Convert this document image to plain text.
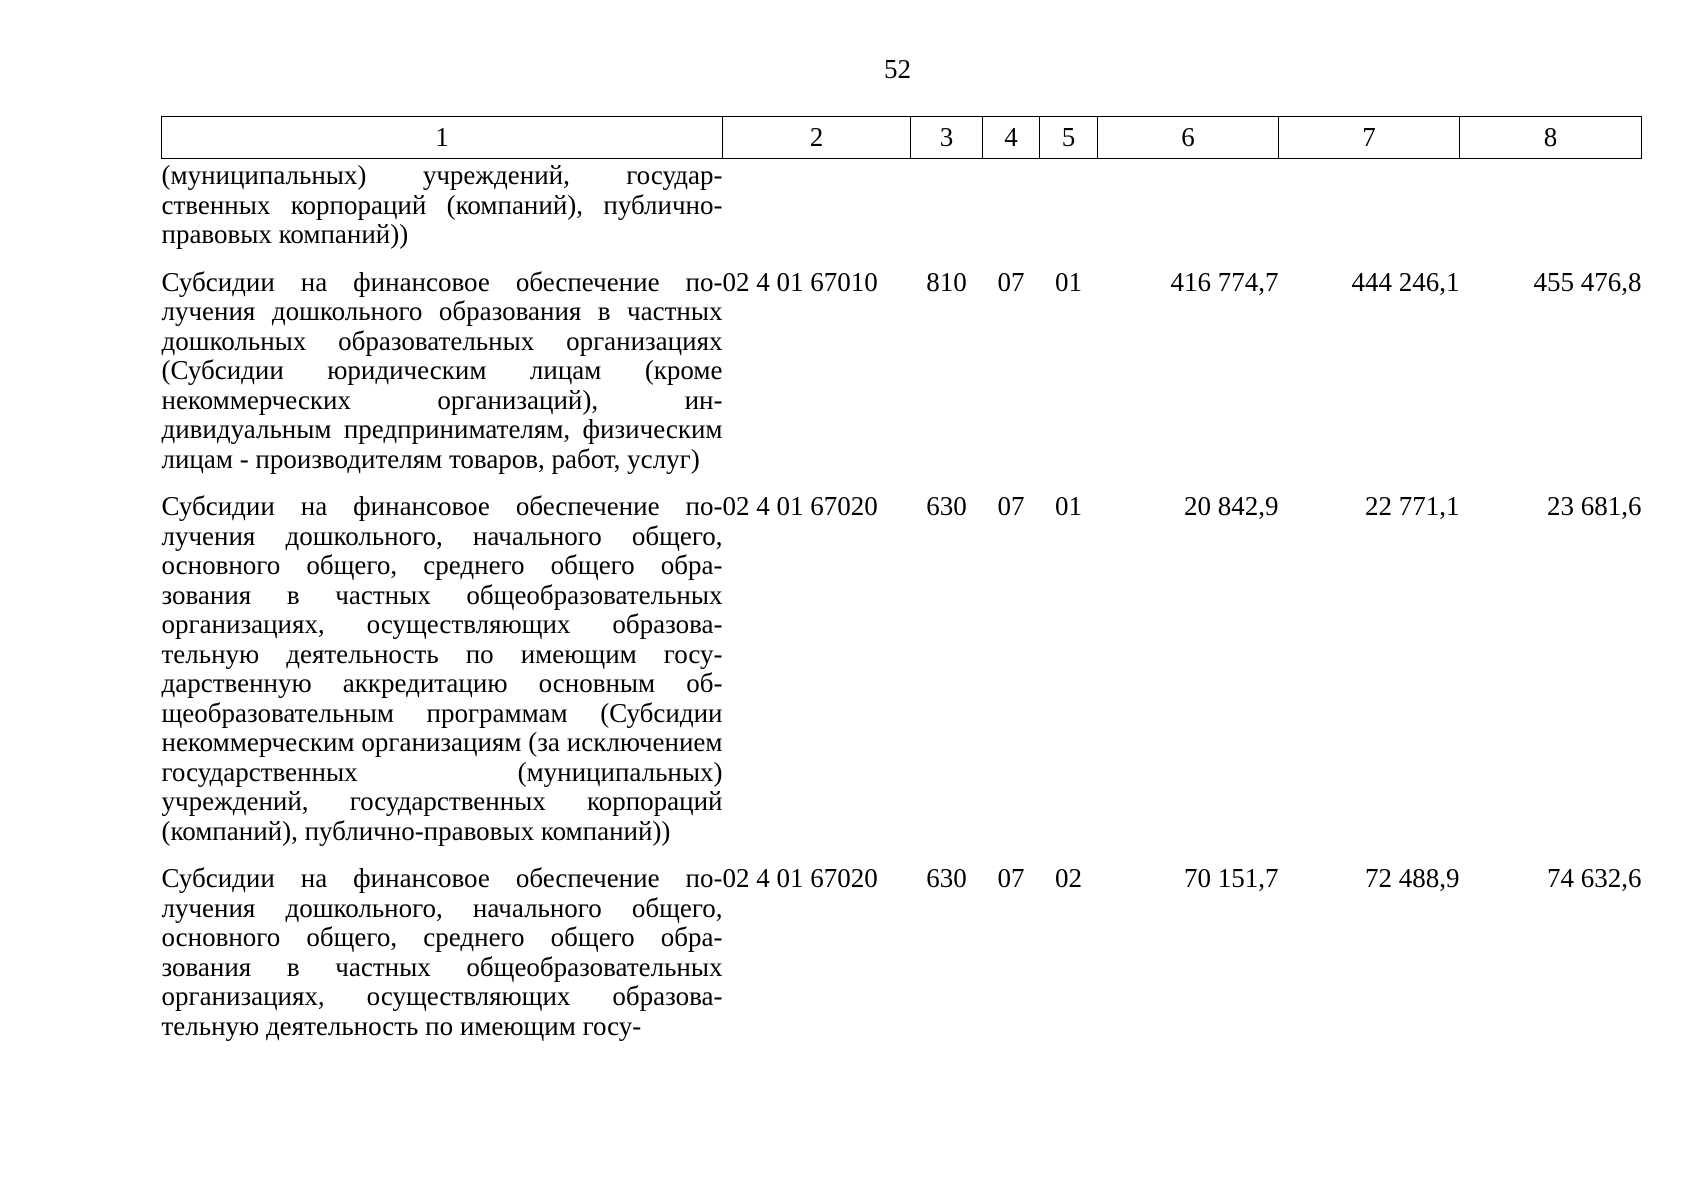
52
1	2	3	4	5	6	7	8
(муниципальных) учреждений, государственных корпораций (компаний), публично-правовых компаний))							
Субсидии на финансовое обеспечение получения дошкольного образования в частных дошкольных образовательных организациях (Субсидии юридическим лицам (кроме некоммерческих организаций), индивидуальным предпринимателям, физическим лицам - производителям товаров, работ, услуг)	02 4 01 67010	810	07	01	416 774,7	444 246,1	455 476,8
Субсидии на финансовое обеспечение получения дошкольного, начального общего, основного общего, среднего общего образования в частных общеобразовательных организациях, осуществляющих образовательную деятельность по имеющим государственную аккредитацию основным общеобразовательным программам (Субсидии некоммерческим организациям (за исключением государственных (муниципальных) учреждений, государственных корпораций (компаний), публично-правовых компаний))	02 4 01 67020	630	07	01	20 842,9	22 771,1	23 681,6
Субсидии на финансовое обеспечение получения дошкольного, начального общего, основного общего, среднего общего образования в частных общеобразовательных организациях, осуществляющих образовательную деятельность по имеющим госу-	02 4 01 67020	630	07	02	70 151,7	72 488,9	74 632,6
